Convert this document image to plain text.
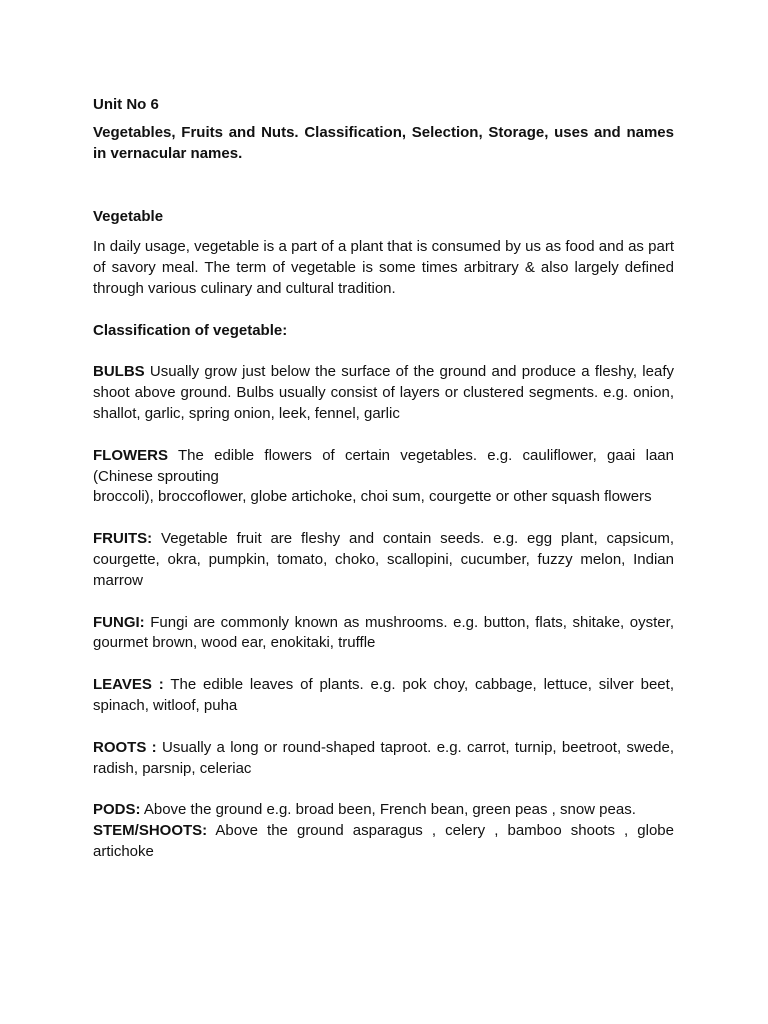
Unit No 6

Vegetables, Fruits and Nuts. Classification, Selection, Storage, uses and names in vernacular names.

Vegetable

In daily usage, vegetable is a part of a plant that is consumed by us as food and as part of savory meal. The term of vegetable is some times arbitrary & also largely defined through various culinary and cultural tradition.

Classification of vegetable:

BULBS Usually grow just below the surface of the ground and produce a fleshy, leafy shoot above ground. Bulbs usually consist of layers or clustered segments. e.g. onion, shallot, garlic, spring onion, leek, fennel, garlic

FLOWERS The edible flowers of certain vegetables. e.g. cauliflower, gaai laan (Chinese sprouting
broccoli), broccoflower, globe artichoke, choi sum, courgette or other squash flowers

FRUITS: Vegetable fruit are fleshy and contain seeds. e.g. egg plant, capsicum, courgette, okra, pumpkin, tomato, choko, scallopini, cucumber, fuzzy melon, Indian marrow

FUNGI: Fungi are commonly known as mushrooms. e.g. button, flats, shitake, oyster, gourmet brown, wood ear, enokitaki, truffle

LEAVES : The edible leaves of plants. e.g. pok choy, cabbage, lettuce, silver beet, spinach, witloof, puha

ROOTS : Usually a long or round-shaped taproot. e.g. carrot, turnip, beetroot, swede, radish, parsnip, celeriac

PODS: Above the ground e.g. broad been, French bean, green peas , snow peas.

STEM/SHOOTS: Above the ground asparagus , celery , bamboo shoots , globe artichoke
